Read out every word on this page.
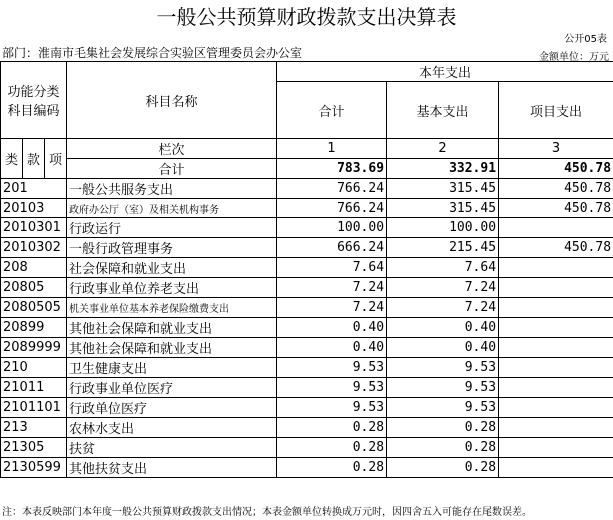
一般公共预算财政拨款支出决算表
公开05表
部门：淮南市毛集社会发展综合实验区管理委员会办公室	金额单位：万元
功能分类科目编码			科目名称	本年支出		
				合计	基本支出	项目支出

类	款	项	栏次	1	2	3
			合计	783.69	332.91	450.78
201			一般公共服务支出	766.24	315.45	450.78
20103			政府办公厅（室）及相关机构事务	766.24	315.45	450.78
2010301			行政运行	100.00	100.00	
2010302			一般行政管理事务	666.24	215.45	450.78
208			社会保障和就业支出	7.64	7.64	
20805			行政事业单位养老支出	7.24	7.24	
2080505			机关事业单位基本养老保险缴费支出	7.24	7.24	
20899			其他社会保障和就业支出	0.40	0.40	
2089999			其他社会保障和就业支出	0.40	0.40	
210			卫生健康支出	9.53	9.53	
21011			行政事业单位医疗	9.53	9.53	
2101101			行政单位医疗	9.53	9.53	
213			农林水支出	0.28	0.28	
21305			扶贫	0.28	0.28	
2130599			其他扶贫支出	0.28	0.28	
注：本表反映部门本年度一般公共预算财政拨款支出情况；本表金额单位转换成万元时，因四舍五入可能存在尾数误差。
